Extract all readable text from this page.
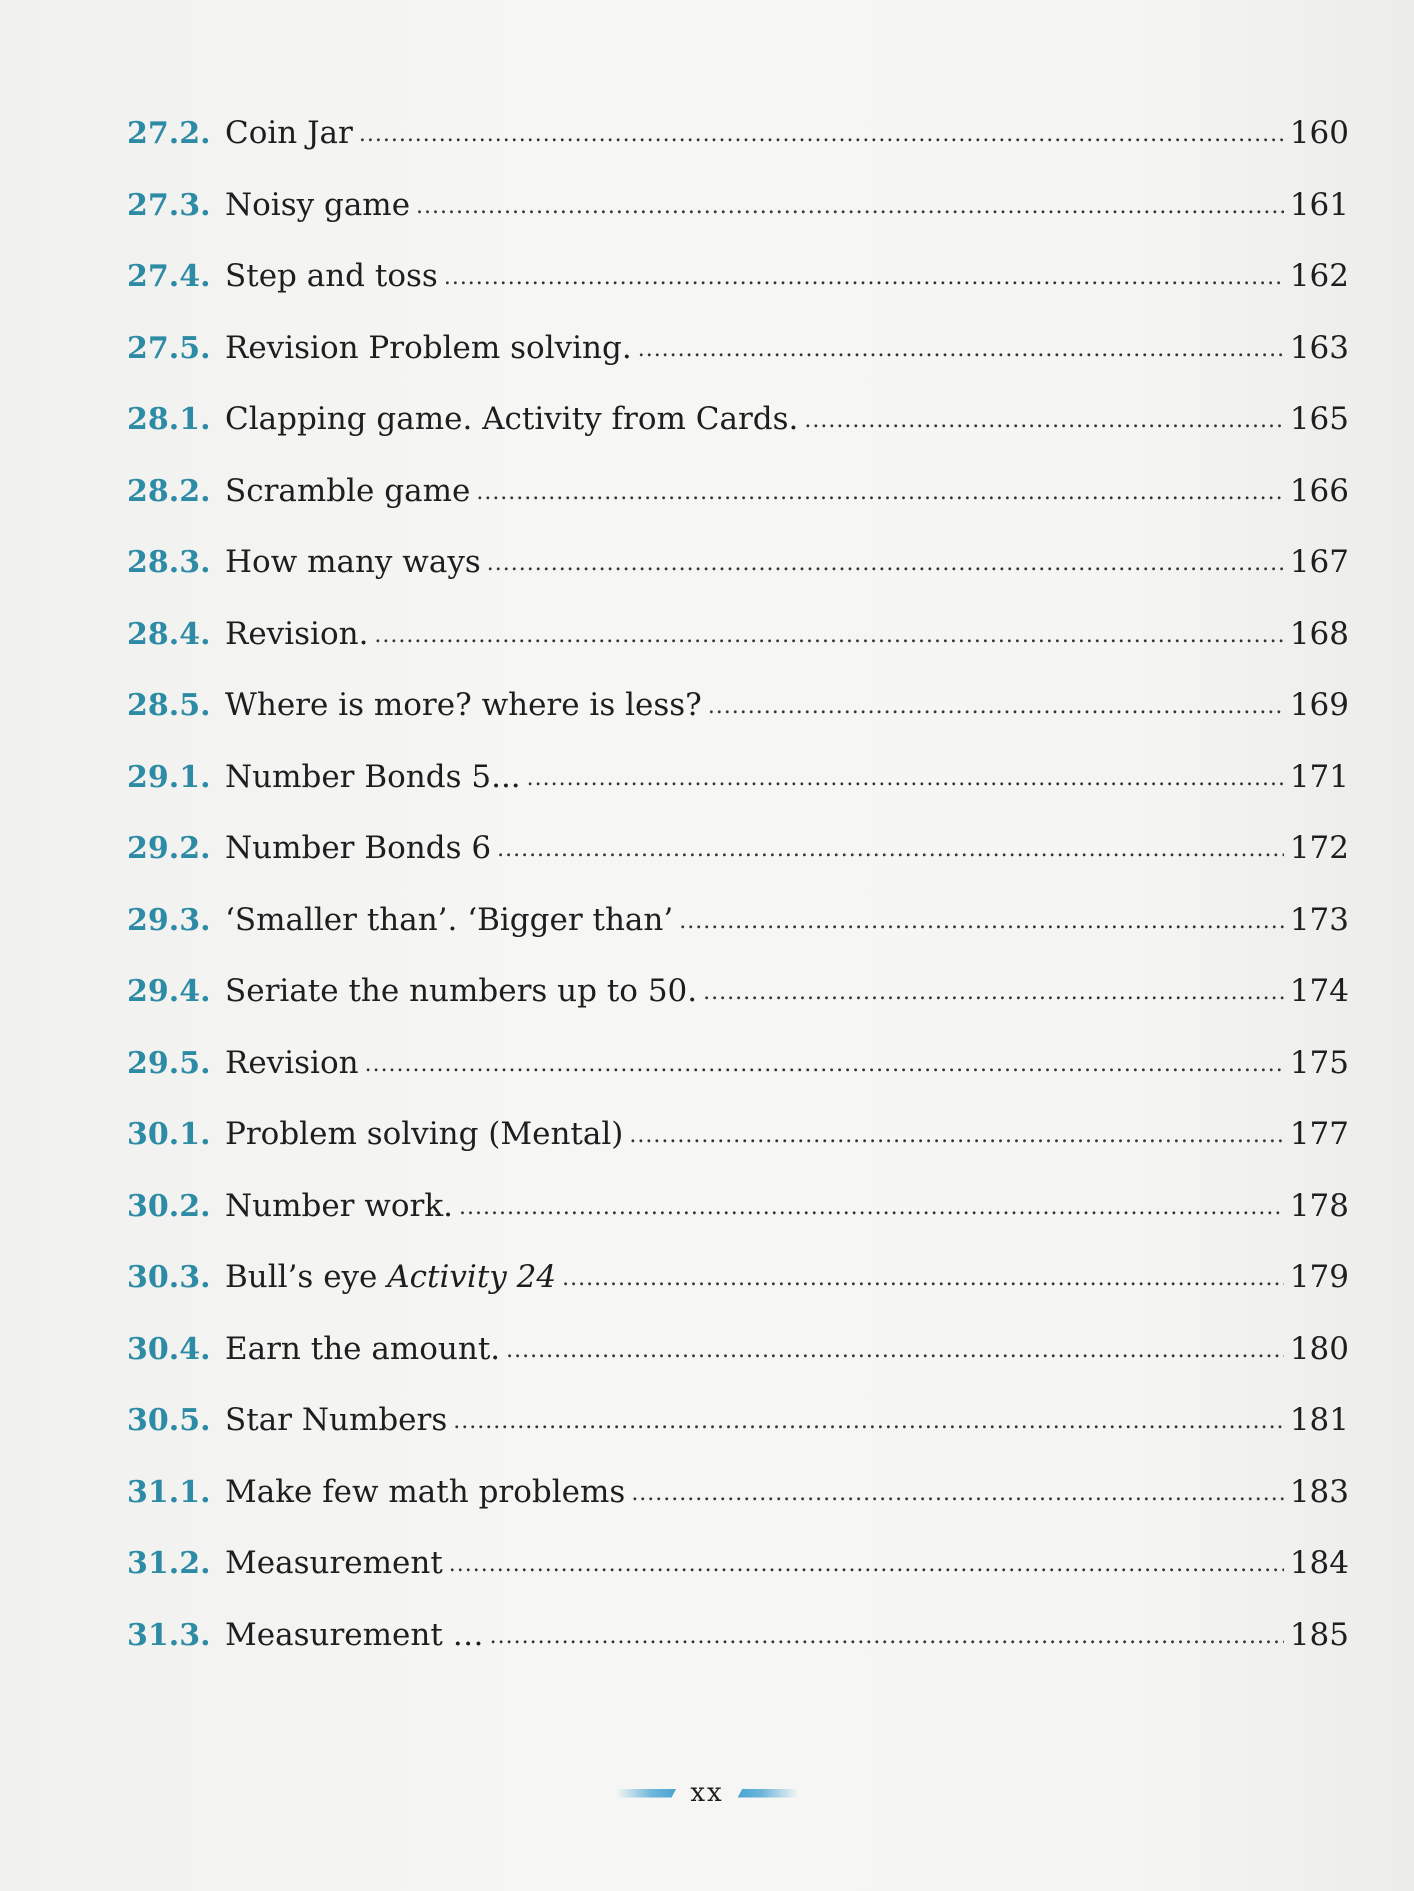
27.2. Coin Jar .....	160
27.3. Noisy game .....	161
27.4. Step and toss .....	162
27.5. Revision Problem solving. .....	163
28.1. Clapping game. Activity from Cards. .....	165
28.2. Scramble game .....	166
28.3. How many ways .....	167
28.4. Revision. .....	168
28.5. Where is more? where is less? .....	169
29.1. Number Bonds 5... .....	171
29.2. Number Bonds 6 .....	172
29.3. ‘Smaller than’. ‘Bigger than’ .....	173
29.4. Seriate the numbers up to 50. .....	174
29.5. Revision .....	175
30.1. Problem solving (Mental) .....	177
30.2. Number work. .....	178
30.3. Bull’s eye Activity 24 .....	179
30.4. Earn the amount. .....	180
30.5. Star Numbers .....	181
31.1. Make few math problems .....	183
31.2. Measurement .....	184
31.3. Measurement … .....	185
xx
